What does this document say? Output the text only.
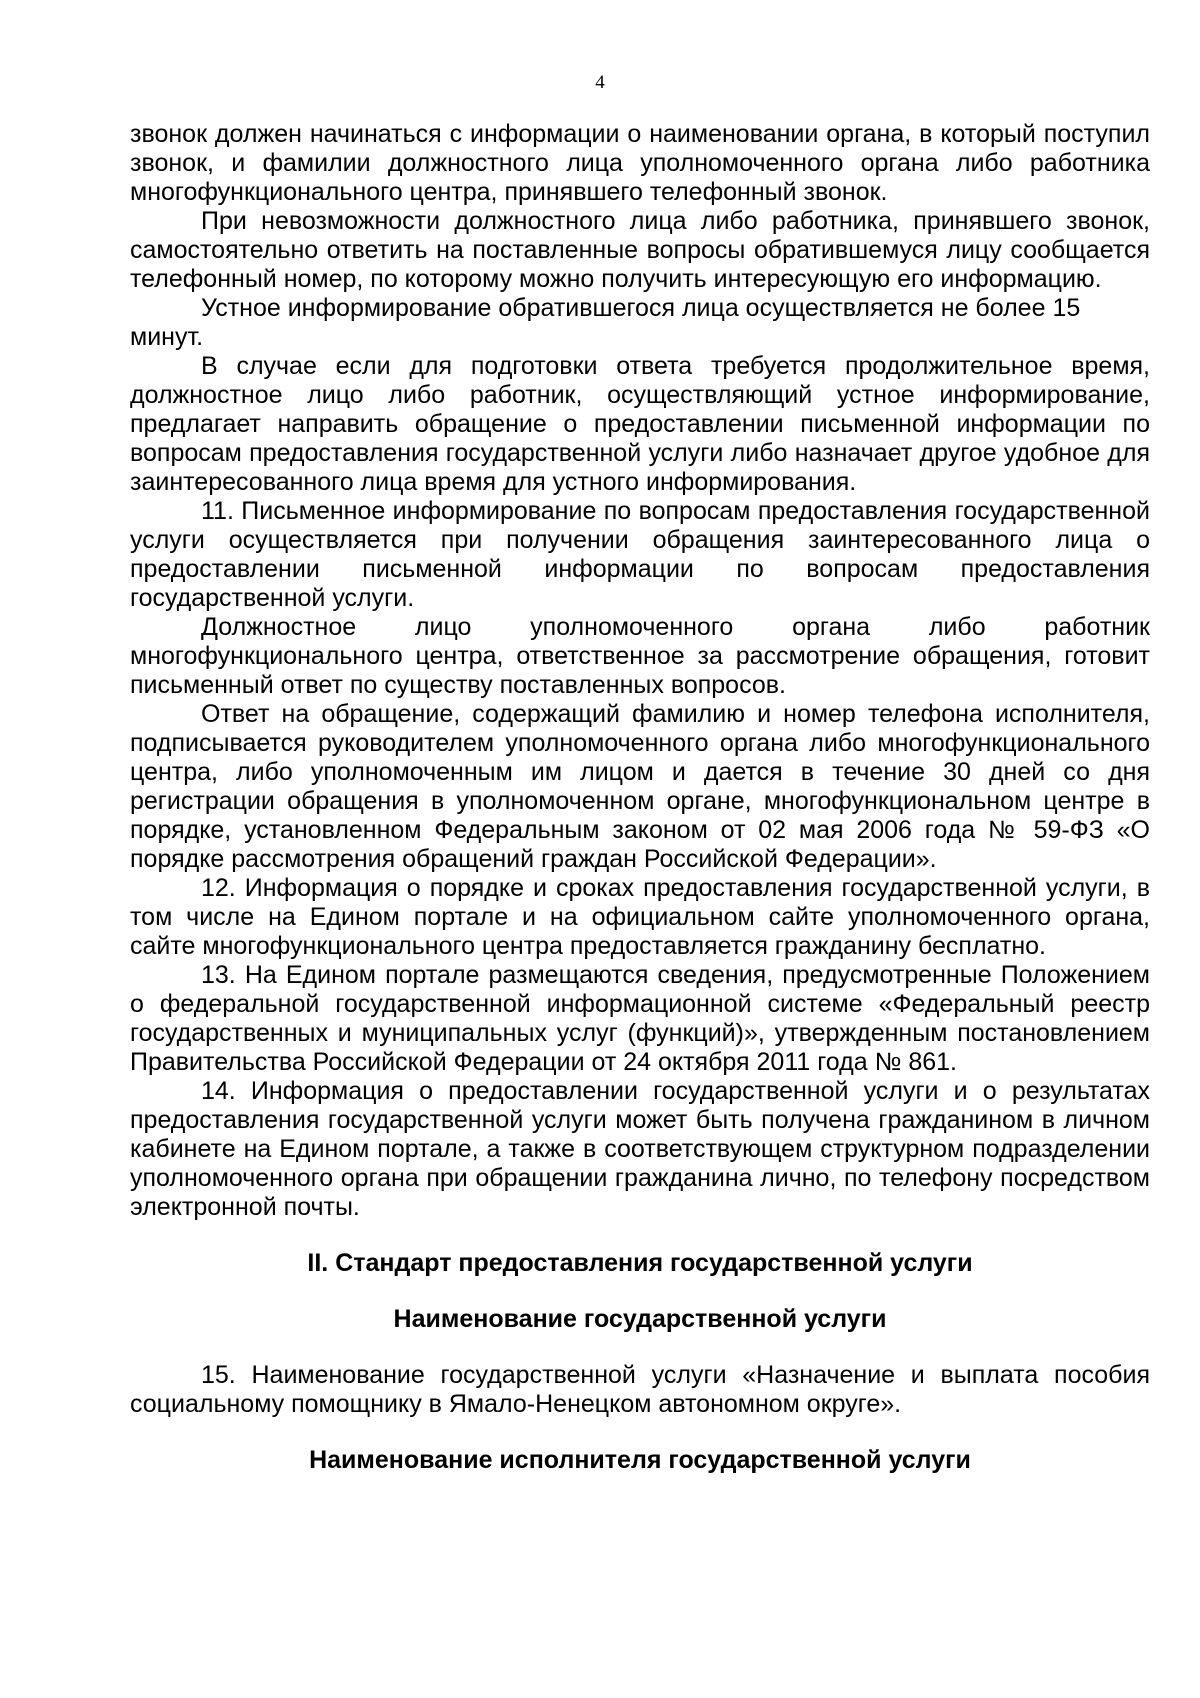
4

звонок должен начинаться с информации о наименовании органа, в который поступил звонок, и фамилии должностного лица уполномоченного органа либо работника многофункционального центра, принявшего телефонный звонок.

При невозможности должностного лица либо работника, принявшего звонок, самостоятельно ответить на поставленные вопросы обратившемуся лицу сообщается телефонный номер, по которому можно получить интересующую его информацию.

Устное информирование обратившегося лица осуществляется не более 15 минут.

В случае если для подготовки ответа требуется продолжительное время, должностное лицо либо работник, осуществляющий устное информирование, предлагает направить обращение о предоставлении письменной информации по вопросам предоставления государственной услуги либо назначает другое удобное для заинтересованного лица время для устного информирования.

11. Письменное информирование по вопросам предоставления государственной услуги осуществляется при получении обращения заинтересованного лица о предоставлении письменной информации по вопросам предоставления государственной услуги.

Должностное лицо уполномоченного органа либо работник многофункционального центра, ответственное за рассмотрение обращения, готовит письменный ответ по существу поставленных вопросов.

Ответ на обращение, содержащий фамилию и номер телефона исполнителя, подписывается руководителем уполномоченного органа либо многофункционального центра, либо уполномоченным им лицом и дается в течение 30 дней со дня регистрации обращения в уполномоченном органе, многофункциональном центре в порядке, установленном Федеральным законом от 02 мая 2006 года № 59-ФЗ «О порядке рассмотрения обращений граждан Российской Федерации».

12. Информация о порядке и сроках предоставления государственной услуги, в том числе на Едином портале и на официальном сайте уполномоченного органа, сайте многофункционального центра предоставляется гражданину бесплатно.

13. На Едином портале размещаются сведения, предусмотренные Положением о федеральной государственной информационной системе «Федеральный реестр государственных и муниципальных услуг (функций)», утвержденным постановлением Правительства Российской Федерации от 24 октября 2011 года № 861.

14. Информация о предоставлении государственной услуги и о результатах предоставления государственной услуги может быть получена гражданином в личном кабинете на Едином портале, а также в соответствующем структурном подразделении уполномоченного органа при обращении гражданина лично, по телефону посредством электронной почты.

II. Стандарт предоставления государственной услуги
Наименование государственной услуги

15. Наименование государственной услуги «Назначение и выплата пособия социальному помощнику в Ямало-Ненецком автономном округе».

Наименование исполнителя государственной услуги
